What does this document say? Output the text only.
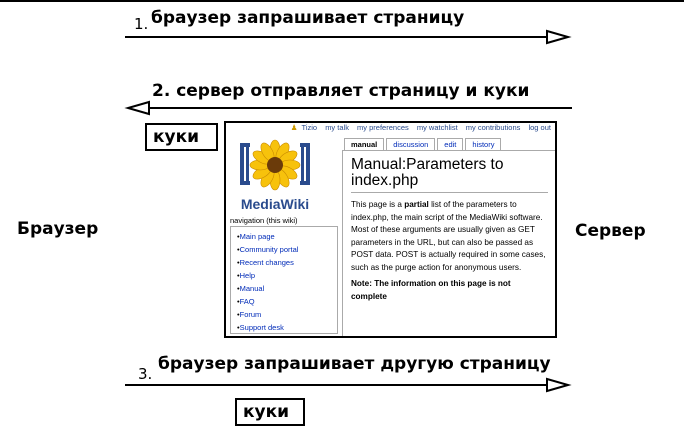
1. браузер запрашивает страницу
2. сервер отправляет страницу и куки
куки
Браузер	Сервер
3. браузер запрашивает другую страницу
куки
♟ Tizio my talk my preferences my watchlist my contributions log out
MediaWiki
manual discussion edit history
Manual:Parameters to index.php
This page is a partial list of the parameters to index.php, the main script of the MediaWiki software. Most of these arguments are usually given as GET parameters in the URL, but can also be passed as POST data. POST is actually required in some cases, such as the purge action for anonymous users.
Note: The information on this page is not complete
navigation (this wiki)
• Main page
• Community portal
• Recent changes
• Help
• Manual
• FAQ
• Forum
• Support desk
